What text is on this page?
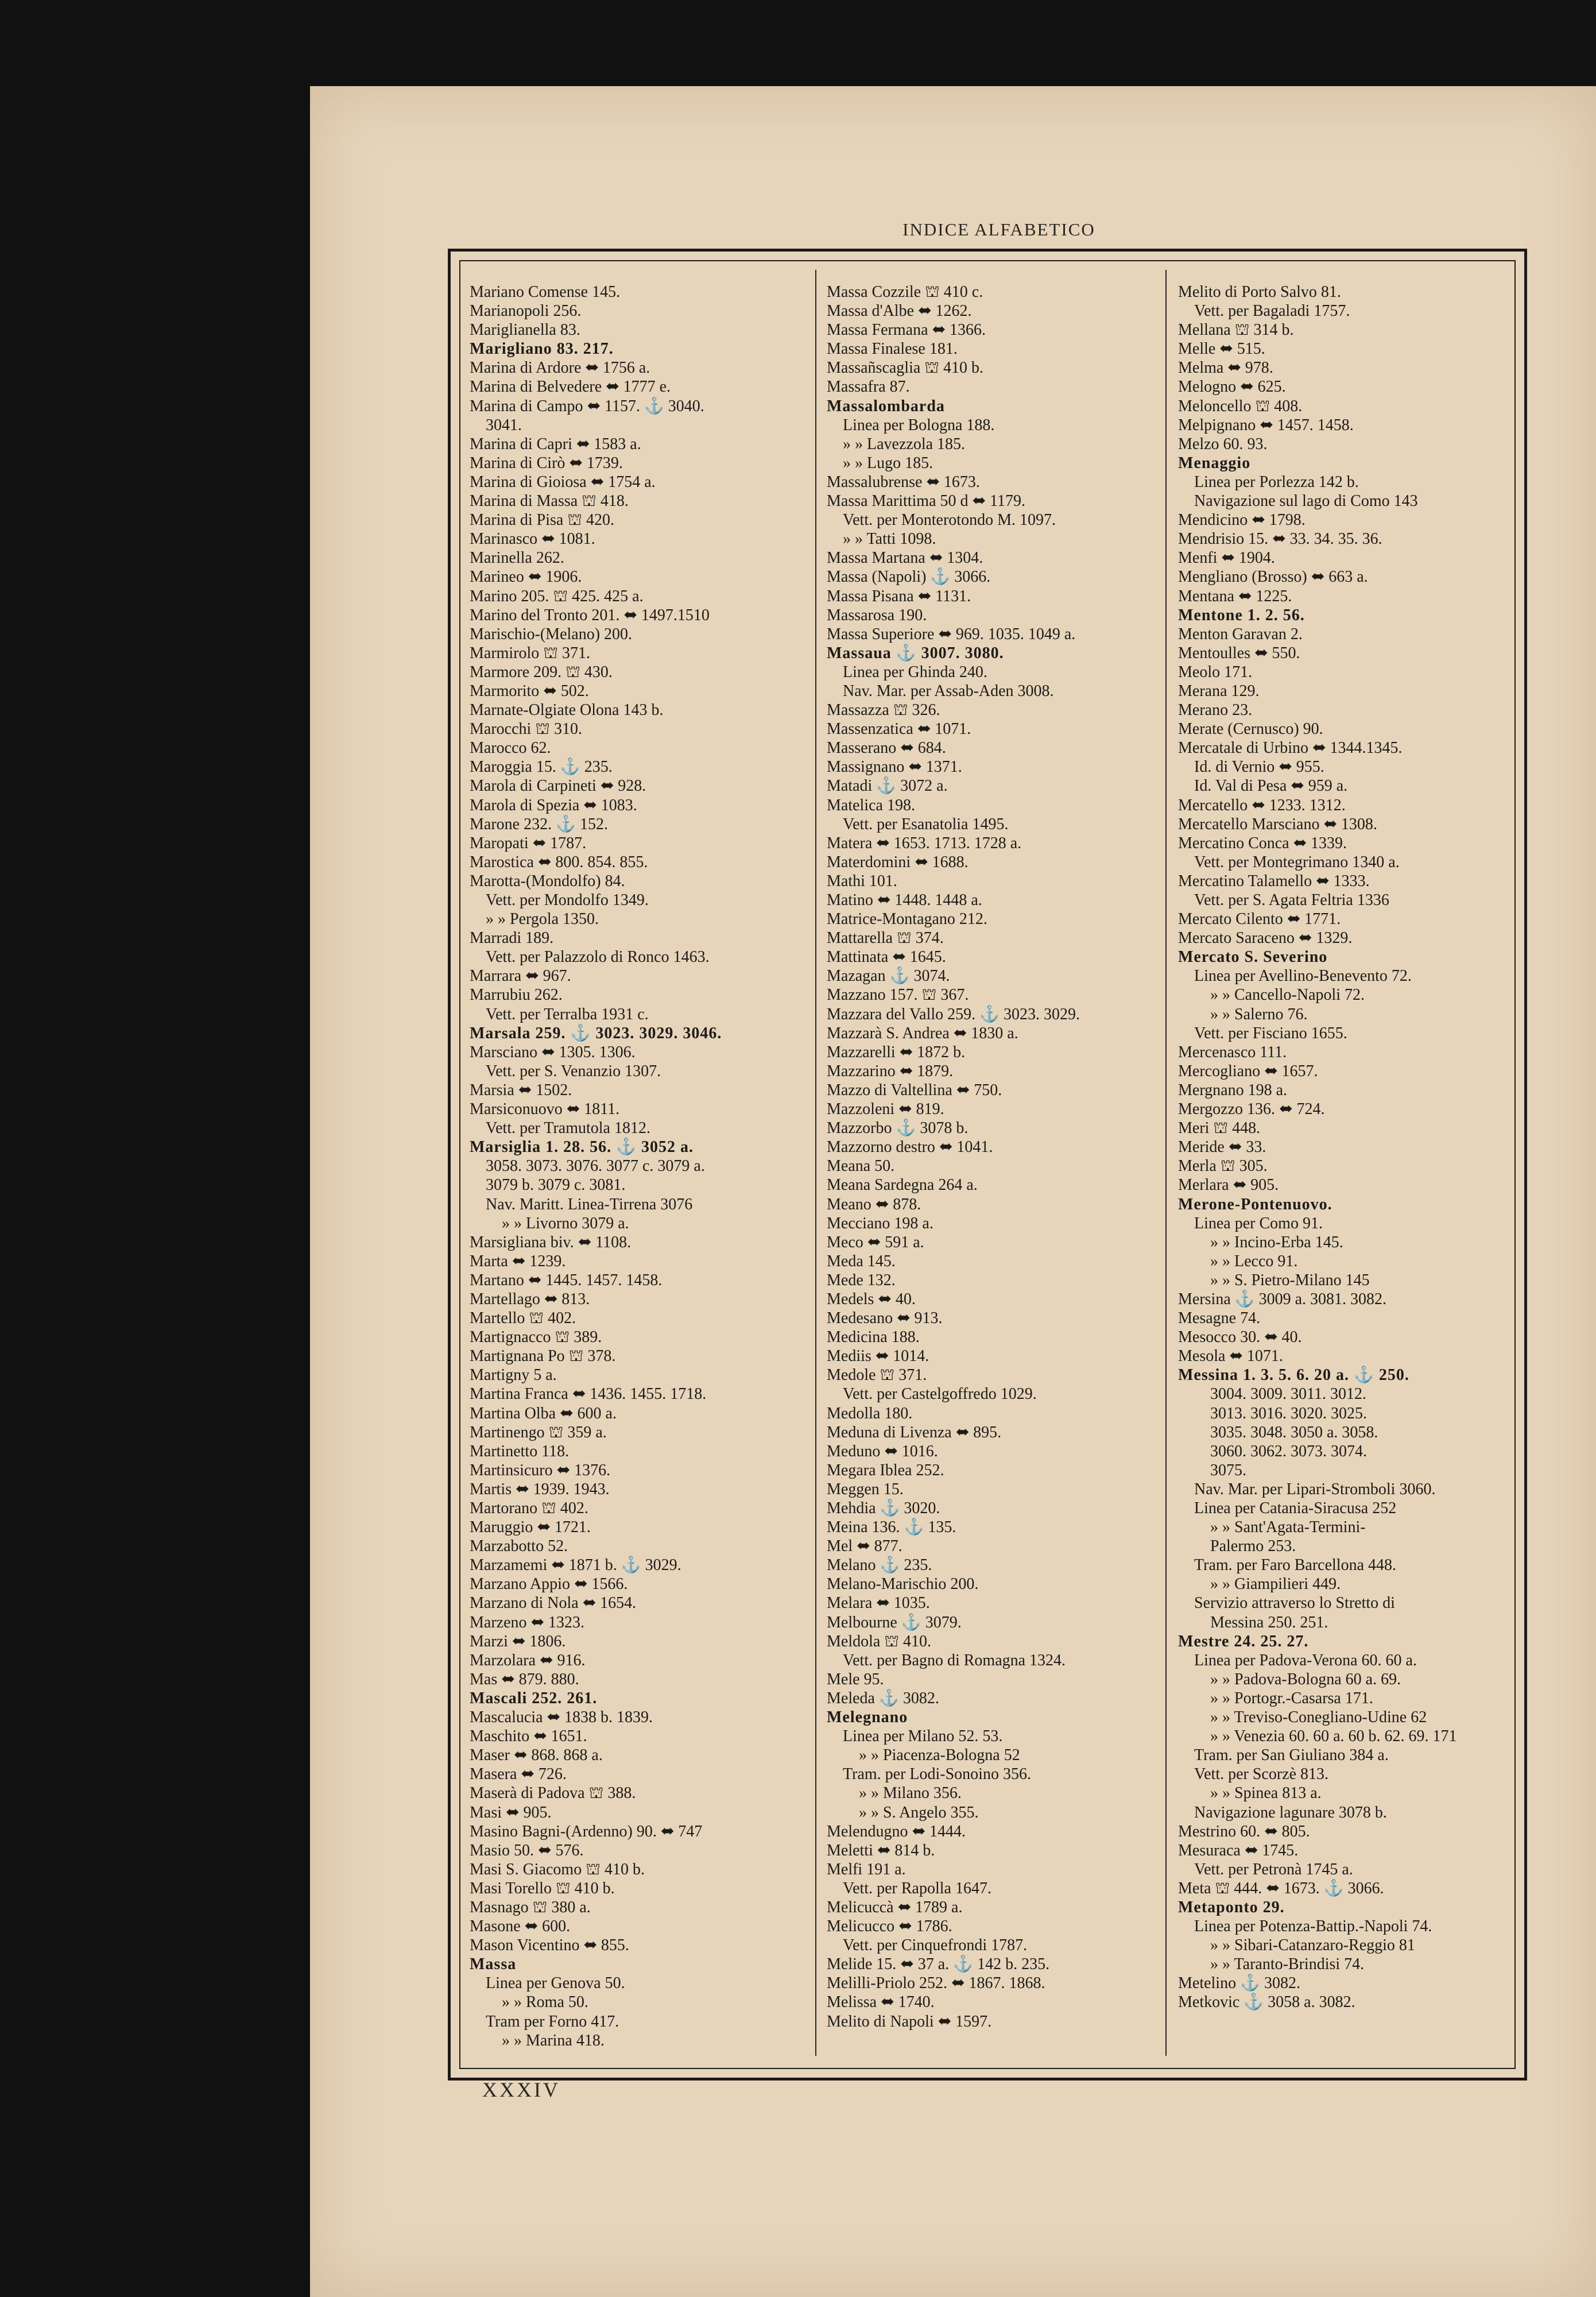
INDICE ALFABETICO
Mariano Comense 145.
Marianopoli 256.
Mariglianella 83.
Marigliano 83. 217.
Marina di Ardore ⬌ 1756 a.
Marina di Belvedere ⬌ 1777 e.
Marina di Campo ⬌ 1157. ⚓ 3040.
3041.
Marina di Capri ⬌ 1583 a.
Marina di Cirò ⬌ 1739.
Marina di Gioiosa ⬌ 1754 a.
Marina di Massa ⛫ 418.
Marina di Pisa ⛫ 420.
Marinasco ⬌ 1081.
Marinella 262.
Marineo ⬌ 1906.
Marino 205. ⛫ 425. 425 a.
Marino del Tronto 201. ⬌ 1497.1510
Marischio-(Melano) 200.
Marmirolo ⛫ 371.
Marmore 209. ⛫ 430.
Marmorito ⬌ 502.
Marnate-Olgiate Olona 143 b.
Marocchi ⛫ 310.
Marocco 62.
Maroggia 15. ⚓ 235.
Marola di Carpineti ⬌ 928.
Marola di Spezia ⬌ 1083.
Marone 232. ⚓ 152.
Maropati ⬌ 1787.
Marostica ⬌ 800. 854. 855.
Marotta-(Mondolfo) 84.
Vett. per Mondolfo 1349.
» » Pergola 1350.
Marradi 189.
Vett. per Palazzolo di Ronco 1463.
Marrara ⬌ 967.
Marrubiu 262.
Vett. per Terralba 1931 c.
Marsala 259. ⚓ 3023. 3029. 3046.
Marsciano ⬌ 1305. 1306.
Vett. per S. Venanzio 1307.
Marsia ⬌ 1502.
Marsiconuovo ⬌ 1811.
Vett. per Tramutola 1812.
Marsiglia 1. 28. 56. ⚓ 3052 a.
3058. 3073. 3076. 3077 c. 3079 a.
3079 b. 3079 c. 3081.
Nav. Maritt. Linea-Tirrena 3076
» » Livorno 3079 a.
Marsigliana biv. ⬌ 1108.
Marta ⬌ 1239.
Martano ⬌ 1445. 1457. 1458.
Martellago ⬌ 813.
Martello ⛫ 402.
Martignacco ⛫ 389.
Martignana Po ⛫ 378.
Martigny 5 a.
Martina Franca ⬌ 1436. 1455. 1718.
Martina Olba ⬌ 600 a.
Martinengo ⛫ 359 a.
Martinetto 118.
Martinsicuro ⬌ 1376.
Martis ⬌ 1939. 1943.
Martorano ⛫ 402.
Maruggio ⬌ 1721.
Marzabotto 52.
Marzamemi ⬌ 1871 b. ⚓ 3029.
Marzano Appio ⬌ 1566.
Marzano di Nola ⬌ 1654.
Marzeno ⬌ 1323.
Marzi ⬌ 1806.
Marzolara ⬌ 916.
Mas ⬌ 879. 880.
Mascali 252. 261.
Mascalucia ⬌ 1838 b. 1839.
Maschito ⬌ 1651.
Maser ⬌ 868. 868 a.
Masera ⬌ 726.
Maserà di Padova ⛫ 388.
Masi ⬌ 905.
Masino Bagni-(Ardenno) 90. ⬌ 747
Masio 50. ⬌ 576.
Masi S. Giacomo ⛫ 410 b.
Masi Torello ⛫ 410 b.
Masnago ⛫ 380 a.
Masone ⬌ 600.
Mason Vicentino ⬌ 855.
Massa
Linea per Genova 50.
» » Roma 50.
Tram per Forno 417.
» » Marina 418.
Massa Cozzile ⛫ 410 c.
Massa d'Albe ⬌ 1262.
Massa Fermana ⬌ 1366.
Massa Finalese 181.
Massañscaglia ⛫ 410 b.
Massafra 87.
Massalombarda
Linea per Bologna 188.
» » Lavezzola 185.
» » Lugo 185.
Massalubrense ⬌ 1673.
Massa Marittima 50 d ⬌ 1179.
Vett. per Monterotondo M. 1097.
» » Tatti 1098.
Massa Martana ⬌ 1304.
Massa (Napoli) ⚓ 3066.
Massa Pisana ⬌ 1131.
Massarosa 190.
Massa Superiore ⬌ 969. 1035. 1049 a.
Massaua ⚓ 3007. 3080.
Linea per Ghinda 240.
Nav. Mar. per Assab-Aden 3008.
Massazza ⛫ 326.
Massenzatica ⬌ 1071.
Masserano ⬌ 684.
Massignano ⬌ 1371.
Matadi ⚓ 3072 a.
Matelica 198.
Vett. per Esanatolia 1495.
Matera ⬌ 1653. 1713. 1728 a.
Materdomini ⬌ 1688.
Mathi 101.
Matino ⬌ 1448. 1448 a.
Matrice-Montagano 212.
Mattarella ⛫ 374.
Mattinata ⬌ 1645.
Mazagan ⚓ 3074.
Mazzano 157. ⛫ 367.
Mazzara del Vallo 259. ⚓ 3023. 3029.
Mazzarà S. Andrea ⬌ 1830 a.
Mazzarelli ⬌ 1872 b.
Mazzarino ⬌ 1879.
Mazzo di Valtellina ⬌ 750.
Mazzoleni ⬌ 819.
Mazzorbo ⚓ 3078 b.
Mazzorno destro ⬌ 1041.
Meana 50.
Meana Sardegna 264 a.
Meano ⬌ 878.
Mecciano 198 a.
Meco ⬌ 591 a.
Meda 145.
Mede 132.
Medels ⬌ 40.
Medesano ⬌ 913.
Medicina 188.
Mediis ⬌ 1014.
Medole ⛫ 371.
Vett. per Castelgoffredo 1029.
Medolla 180.
Meduna di Livenza ⬌ 895.
Meduno ⬌ 1016.
Megara Iblea 252.
Meggen 15.
Mehdia ⚓ 3020.
Meina 136. ⚓ 135.
Mel ⬌ 877.
Melano ⚓ 235.
Melano-Marischio 200.
Melara ⬌ 1035.
Melbourne ⚓ 3079.
Meldola ⛫ 410.
Vett. per Bagno di Romagna 1324.
Mele 95.
Meleda ⚓ 3082.
Melegnano
Linea per Milano 52. 53.
» » Piacenza-Bologna 52
Tram. per Lodi-Sonoino 356.
» » Milano 356.
» » S. Angelo 355.
Melendugno ⬌ 1444.
Meletti ⬌ 814 b.
Melfi 191 a.
Vett. per Rapolla 1647.
Melicuccà ⬌ 1789 a.
Melicucco ⬌ 1786.
Vett. per Cinquefrondi 1787.
Melide 15. ⬌ 37 a. ⚓ 142 b. 235.
Melilli-Priolo 252. ⬌ 1867. 1868.
Melissa ⬌ 1740.
Melito di Napoli ⬌ 1597.
Melito di Porto Salvo 81.
Vett. per Bagaladi 1757.
Mellana ⛫ 314 b.
Melle ⬌ 515.
Melma ⬌ 978.
Melogno ⬌ 625.
Meloncello ⛫ 408.
Melpignano ⬌ 1457. 1458.
Melzo 60. 93.
Menaggio
Linea per Porlezza 142 b.
Navigazione sul lago di Como 143
Mendicino ⬌ 1798.
Mendrisio 15. ⬌ 33. 34. 35. 36.
Menfi ⬌ 1904.
Mengliano (Brosso) ⬌ 663 a.
Mentana ⬌ 1225.
Mentone 1. 2. 56.
Menton Garavan 2.
Mentoulles ⬌ 550.
Meolo 171.
Merana 129.
Merano 23.
Merate (Cernusco) 90.
Mercatale di Urbino ⬌ 1344.1345.
Id. di Vernio ⬌ 955.
Id. Val di Pesa ⬌ 959 a.
Mercatello ⬌ 1233. 1312.
Mercatello Marsciano ⬌ 1308.
Mercatino Conca ⬌ 1339.
Vett. per Montegrimano 1340 a.
Mercatino Talamello ⬌ 1333.
Vett. per S. Agata Feltria 1336
Mercato Cilento ⬌ 1771.
Mercato Saraceno ⬌ 1329.
Mercato S. Severino
Linea per Avellino-Benevento 72.
» » Cancello-Napoli 72.
» » Salerno 76.
Vett. per Fisciano 1655.
Mercenasco 111.
Mercogliano ⬌ 1657.
Mergnano 198 a.
Mergozzo 136. ⬌ 724.
Meri ⛫ 448.
Meride ⬌ 33.
Merla ⛫ 305.
Merlara ⬌ 905.
Merone-Pontenuovo.
Linea per Como 91.
» » Incino-Erba 145.
» » Lecco 91.
» » S. Pietro-Milano 145
Mersina ⚓ 3009 a. 3081. 3082.
Mesagne 74.
Mesocco 30. ⬌ 40.
Mesola ⬌ 1071.
Messina 1. 3. 5. 6. 20 a. ⚓ 250.
3004. 3009. 3011. 3012.
3013. 3016. 3020. 3025.
3035. 3048. 3050 a. 3058.
3060. 3062. 3073. 3074.
3075.
Nav. Mar. per Lipari-Stromboli 3060.
Linea per Catania-Siracusa 252
» » Sant'Agata-Termini-
Palermo 253.
Tram. per Faro Barcellona 448.
» » Giampilieri 449.
Servizio attraverso lo Stretto di
Messina 250. 251.
Mestre 24. 25. 27.
Linea per Padova-Verona 60. 60 a.
» » Padova-Bologna 60 a. 69.
» » Portogr.-Casarsa 171.
» » Treviso-Conegliano-Udine 62
» » Venezia 60. 60 a. 60 b. 62. 69. 171
Tram. per San Giuliano 384 a.
Vett. per Scorzè 813.
» » Spinea 813 a.
Navigazione lagunare 3078 b.
Mestrino 60. ⬌ 805.
Mesuraca ⬌ 1745.
Vett. per Petronà 1745 a.
Meta ⛫ 444. ⬌ 1673. ⚓ 3066.
Metaponto 29.
Linea per Potenza-Battip.-Napoli 74.
» » Sibari-Catanzaro-Reggio 81
» » Taranto-Brindisi 74.
Metelino ⚓ 3082.
Metkovic ⚓ 3058 a. 3082.
XXXIV
